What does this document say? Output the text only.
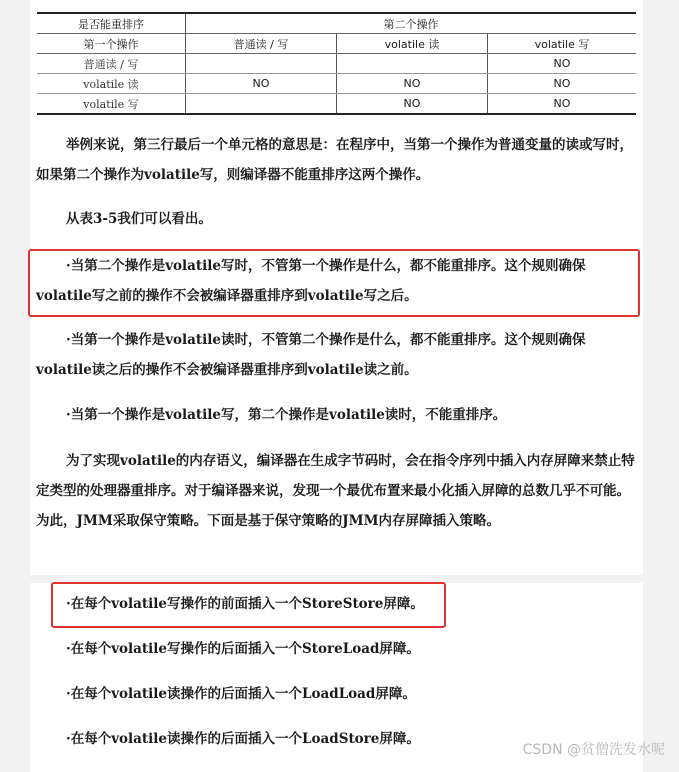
是否能重排序	第二个操作		
第一个操作	普通读 / 写	volatile 读	volatile 写
普通读 / 写			NO
volatile 读	NO	NO	NO
volatile 写		NO	NO
举例来说，第三行最后一个单元格的意思是：在程序中，当第一个操作为普通变量的读或写时，如果第二个操作为volatile写，则编译器不能重排序这两个操作。
从表3-5我们可以看出。
·当第二个操作是volatile写时，不管第一个操作是什么，都不能重排序。这个规则确保volatile写之前的操作不会被编译器重排序到volatile写之后。
·当第一个操作是volatile读时，不管第二个操作是什么，都不能重排序。这个规则确保volatile读之后的操作不会被编译器重排序到volatile读之前。
·当第一个操作是volatile写，第二个操作是volatile读时，不能重排序。
为了实现volatile的内存语义，编译器在生成字节码时，会在指令序列中插入内存屏障来禁止特定类型的处理器重排序。对于编译器来说，发现一个最优布置来最小化插入屏障的总数几乎不可能。为此，JMM采取保守策略。下面是基于保守策略的JMM内存屏障插入策略。
·在每个volatile写操作的前面插入一个StoreStore屏障。
·在每个volatile写操作的后面插入一个StoreLoad屏障。
·在每个volatile读操作的后面插入一个LoadLoad屏障。
·在每个volatile读操作的后面插入一个LoadStore屏障。
CSDN @贫僧洗发水呢
